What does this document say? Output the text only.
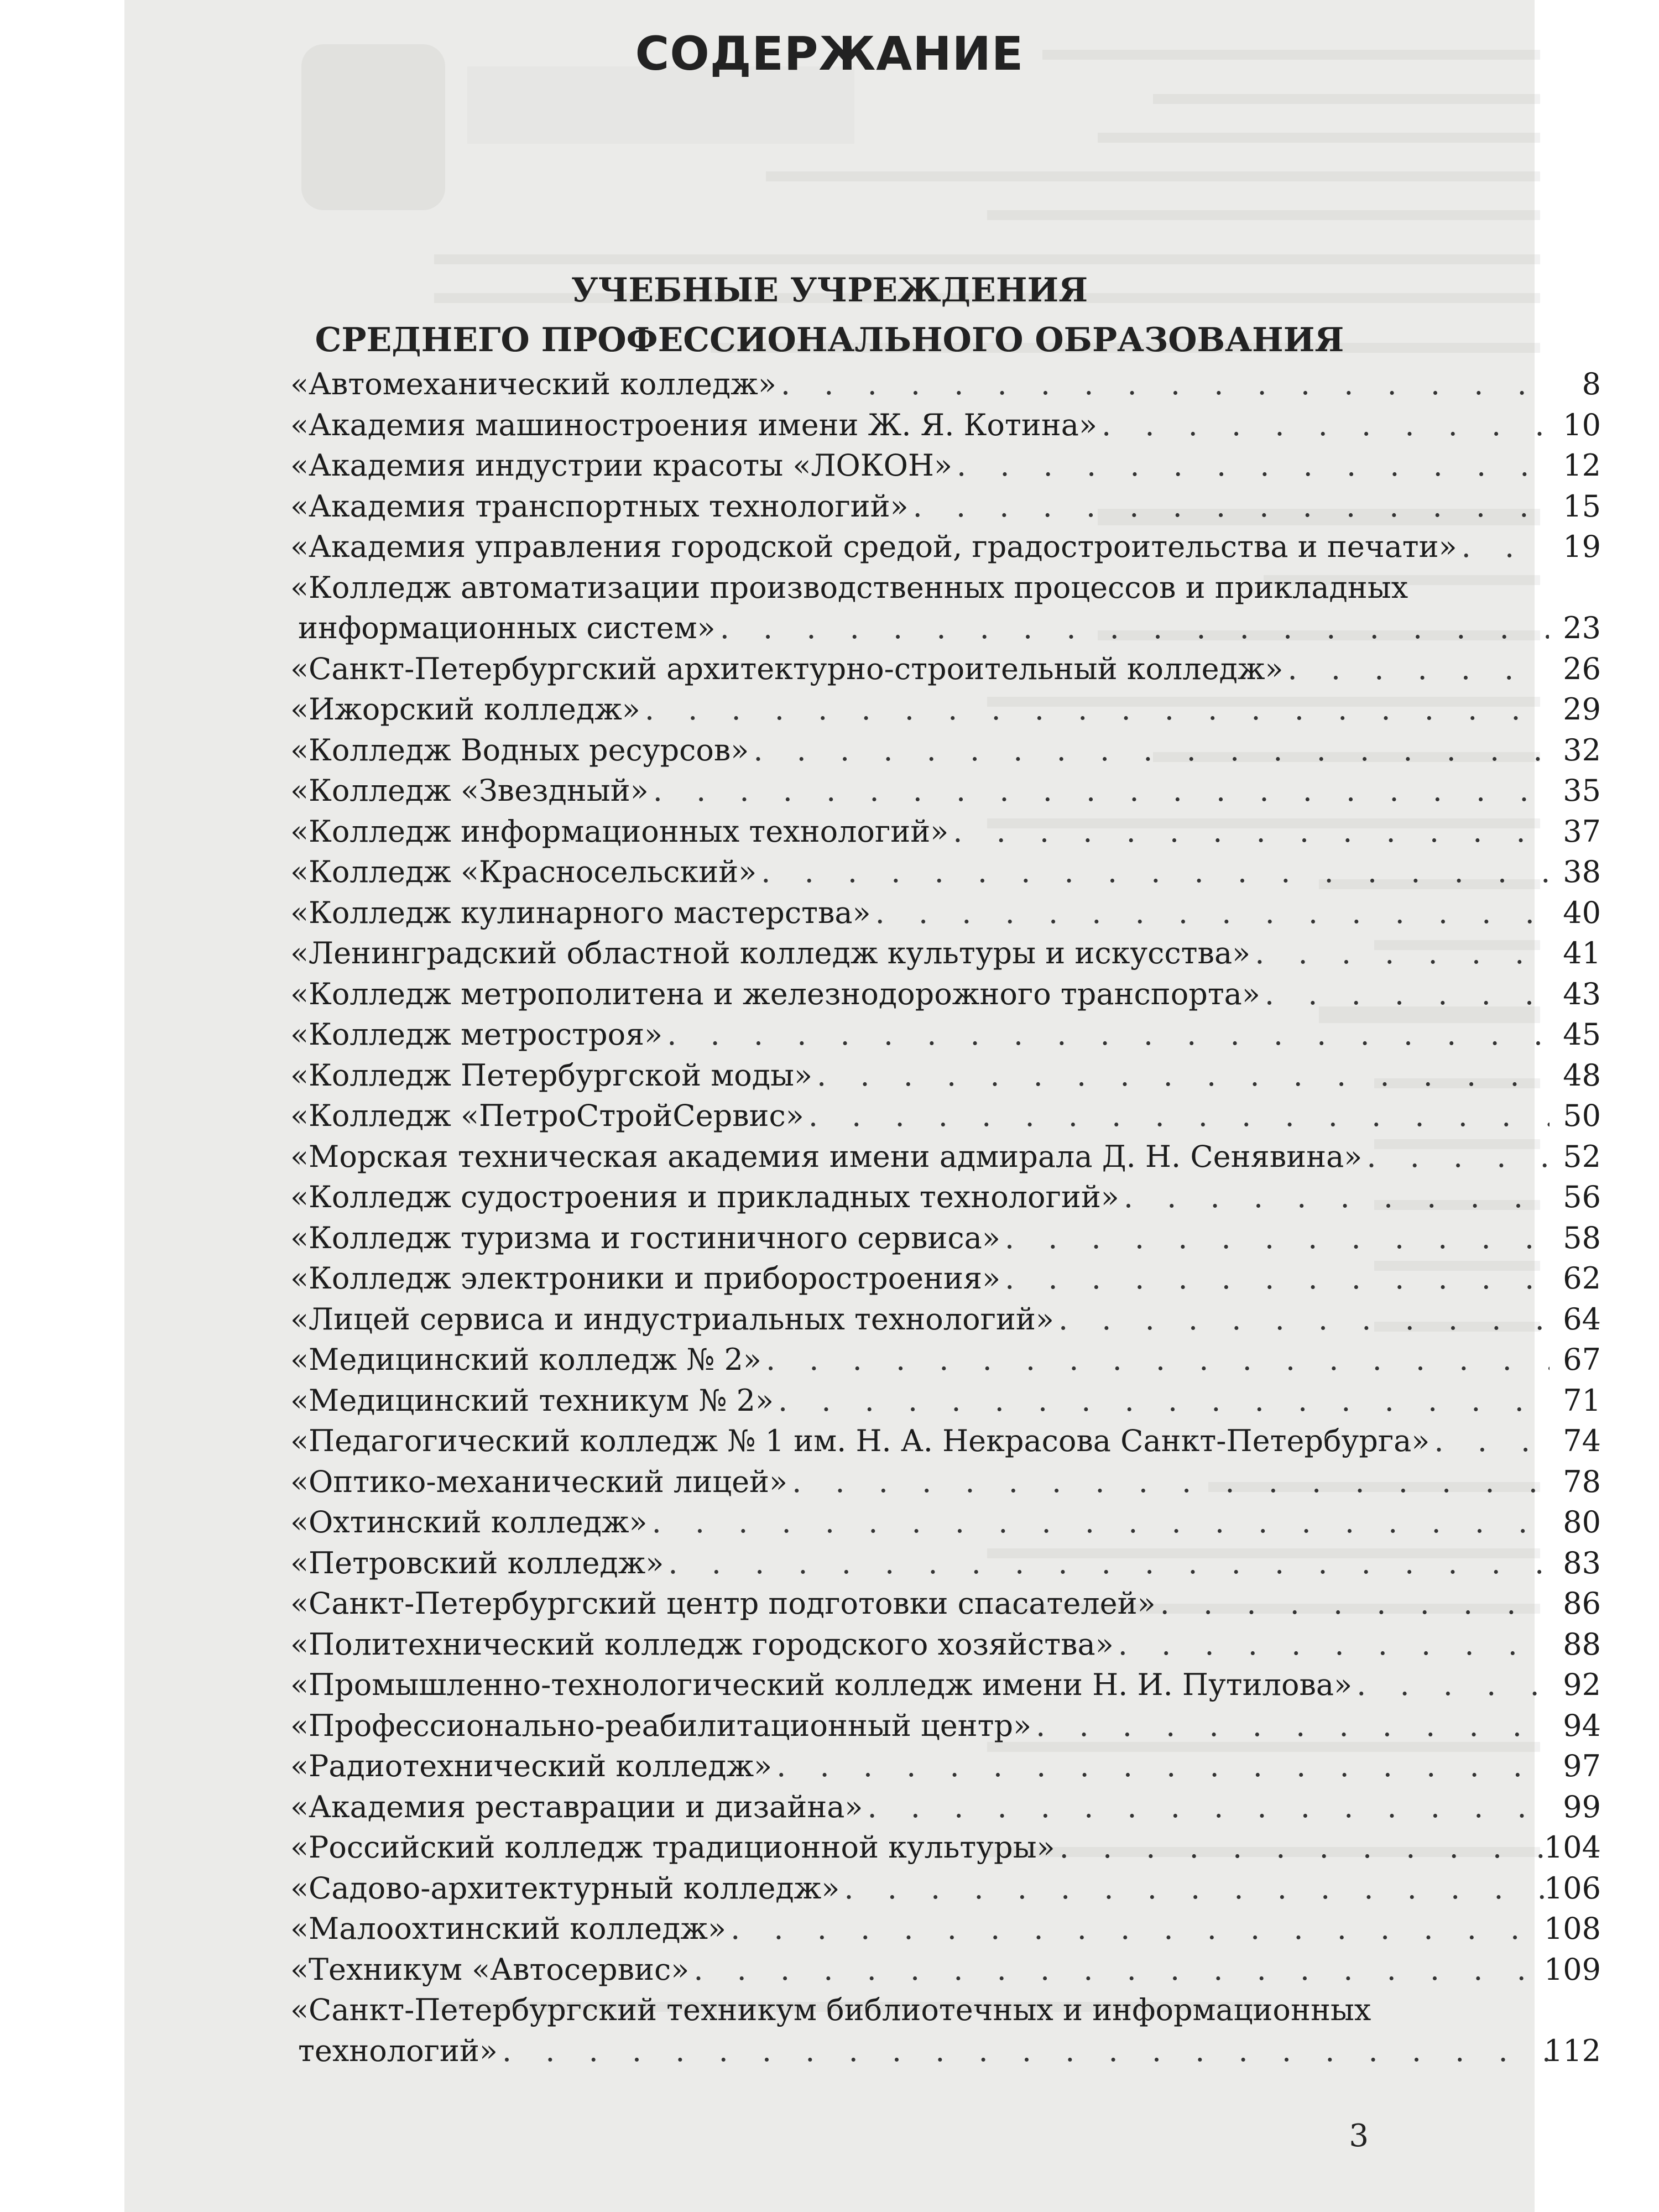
СОДЕРЖАНИЕ
УЧЕБНЫЕ УЧРЕЖДЕНИЯ
СРЕДНЕГО ПРОФЕССИОНАЛЬНОГО ОБРАЗОВАНИЯ
«Автомеханический колледж» . . .	8
«Академия машиностроения имени Ж. Я. Котина» . . .	10
«Академия индустрии красоты «ЛОКОН» . . .	12
«Академия транспортных технологий» . . .	15
«Академия управления городской средой, градостроительства и печати» . . .	19
«Колледж автоматизации производственных процессов и прикладных
информационных систем» . . .	23
«Санкт-Петербургский архитектурно-строительный колледж» . . .	26
«Ижорский колледж» . . .	29
«Колледж Водных ресурсов» . . .	32
«Колледж «Звездный» . . .	35
«Колледж информационных технологий» . . .	37
«Колледж «Красносельский» . . .	38
«Колледж кулинарного мастерства» . . .	40
«Ленинградский областной колледж культуры и искусства» . . .	41
«Колледж метрополитена и железнодорожного транспорта» . . .	43
«Колледж метростроя» . . .	45
«Колледж Петербургской моды» . . .	48
«Колледж «ПетроСтройСервис» . . .	50
«Морская техническая академия имени адмирала Д. Н. Сенявина» . . .	52
«Колледж судостроения и прикладных технологий» . . .	56
«Колледж туризма и гостиничного сервиса» . . .	58
«Колледж электроники и приборостроения» . . .	62
«Лицей сервиса и индустриальных технологий» . . .	64
«Медицинский колледж № 2» . . .	67
«Медицинский техникум № 2» . . .	71
«Педагогический колледж № 1 им. Н. А. Некрасова Санкт-Петербурга» . . .	74
«Оптико-механический лицей» . . .	78
«Охтинский колледж» . . .	80
«Петровский колледж» . . .	83
«Санкт-Петербургский центр подготовки спасателей» . . .	86
«Политехнический колледж городского хозяйства» . . .	88
«Промышленно-технологический колледж имени Н. И. Путилова» . . .	92
«Профессионально-реабилитационный центр» . . .	94
«Радиотехнический колледж» . . .	97
«Академия реставрации и дизайна» . . .	99
«Российский колледж традиционной культуры» . . .	104
«Садово-архитектурный колледж» . . .	106
«Малоохтинский колледж» . . .	108
«Техникум «Автосервис» . . .	109
«Санкт-Петербургский техникум библиотечных и информационных
технологий» . . .	112
3
